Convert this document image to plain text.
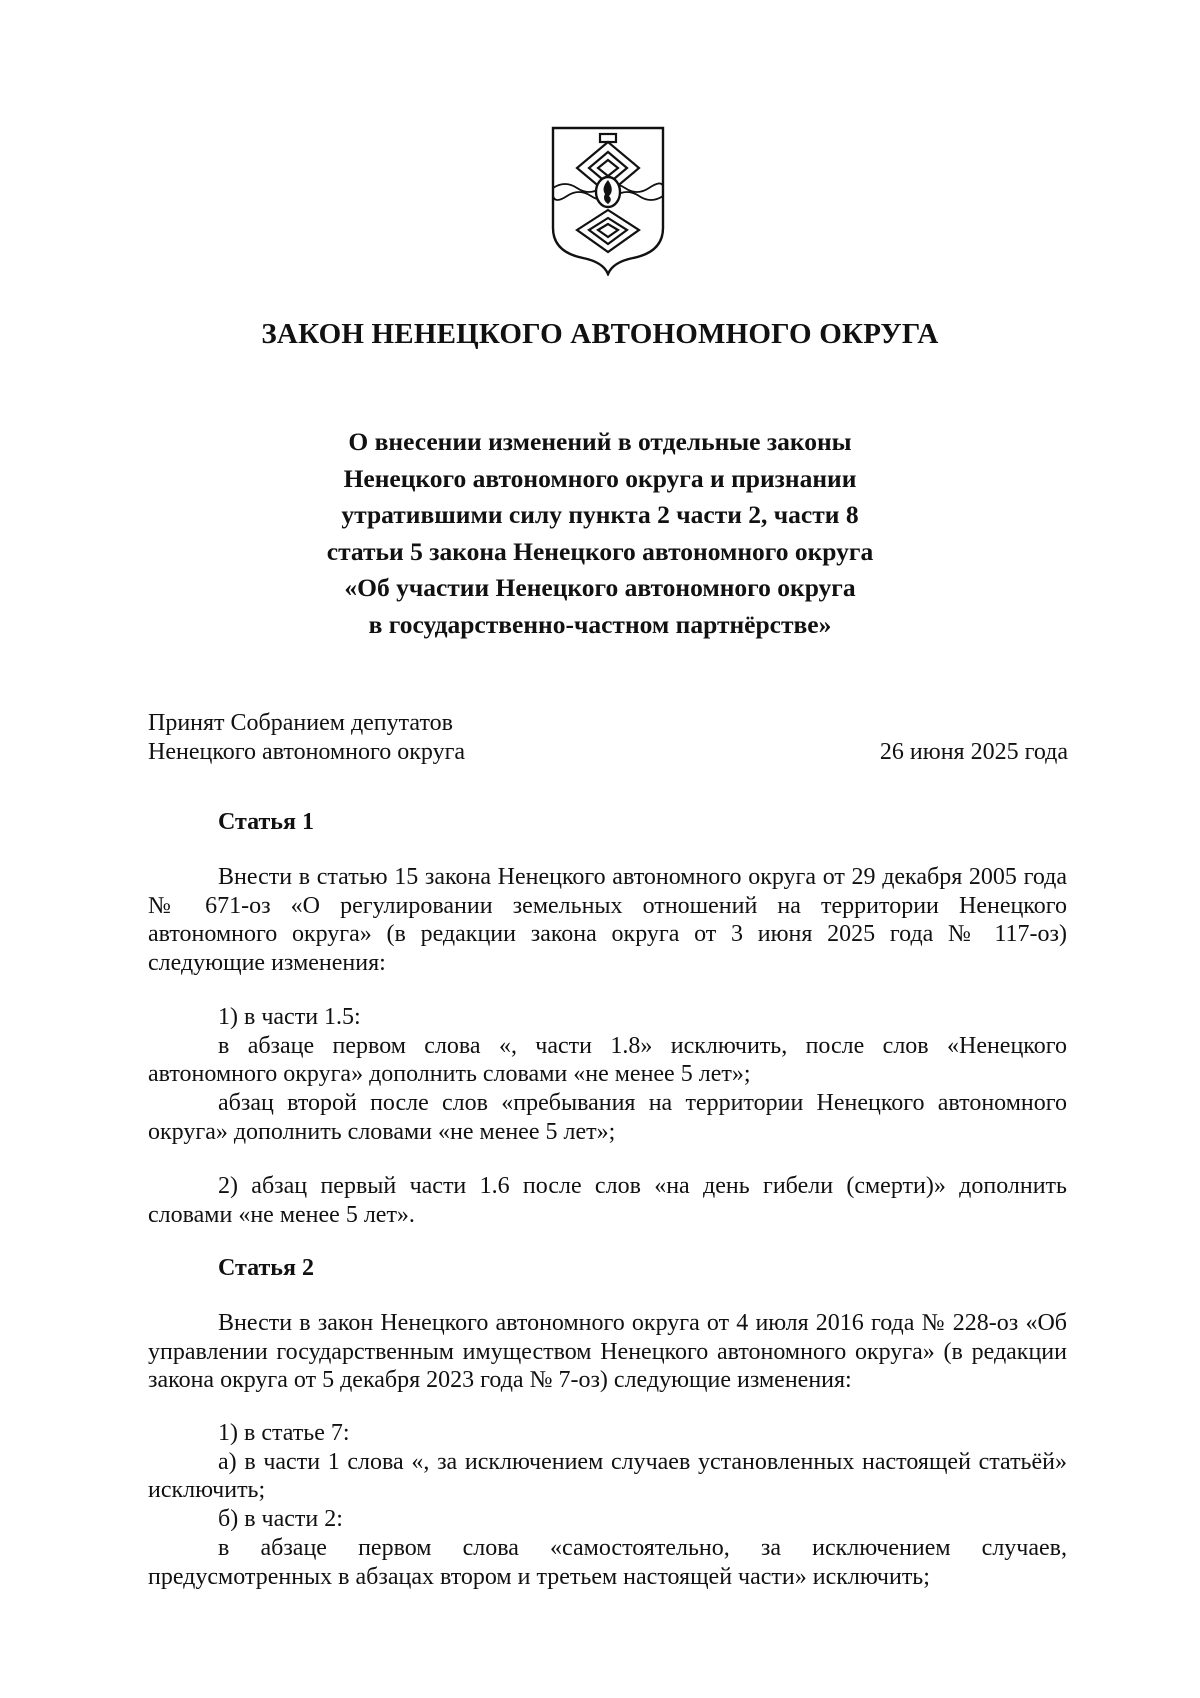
ЗАКОН НЕНЕЦКОГО АВТОНОМНОГО ОКРУГА
О внесении изменений в отдельные законы
Ненецкого автономного округа и признании
утратившими силу пункта 2 части 2, части 8
статьи 5 закона Ненецкого автономного округа
«Об участии Ненецкого автономного округа
в государственно-частном партнёрстве»
Принят Собранием депутатов
Ненецкого автономного округа	26 июня 2025 года
Статья 1

Внести в статью 15 закона Ненецкого автономного округа от 29 декабря 2005 года № 671-оз «О регулировании земельных отношений на территории Ненецкого автономного округа» (в редакции закона округа от 3 июня 2025 года № 117-оз) следующие изменения:

1) в части 1.5:

в абзаце первом слова «, части 1.8» исключить, после слов «Ненецкого автономного округа» дополнить словами «не менее 5 лет»;

абзац второй после слов «пребывания на территории Ненецкого автономного округа» дополнить словами «не менее 5 лет»;

2) абзац первый части 1.6 после слов «на день гибели (смерти)» дополнить словами «не менее 5 лет».

Статья 2

Внести в закон Ненецкого автономного округа от 4 июля 2016 года № 228-оз «Об управлении государственным имуществом Ненецкого автономного округа» (в редакции закона округа от 5 декабря 2023 года № 7-оз) следующие изменения:

1) в статье 7:

а) в части 1 слова «, за исключением случаев установленных настоящей статьёй» исключить;

б) в части 2:

в абзаце первом слова «самостоятельно, за исключением случаев, предусмотренных в абзацах втором и третьем настоящей части» исключить;
